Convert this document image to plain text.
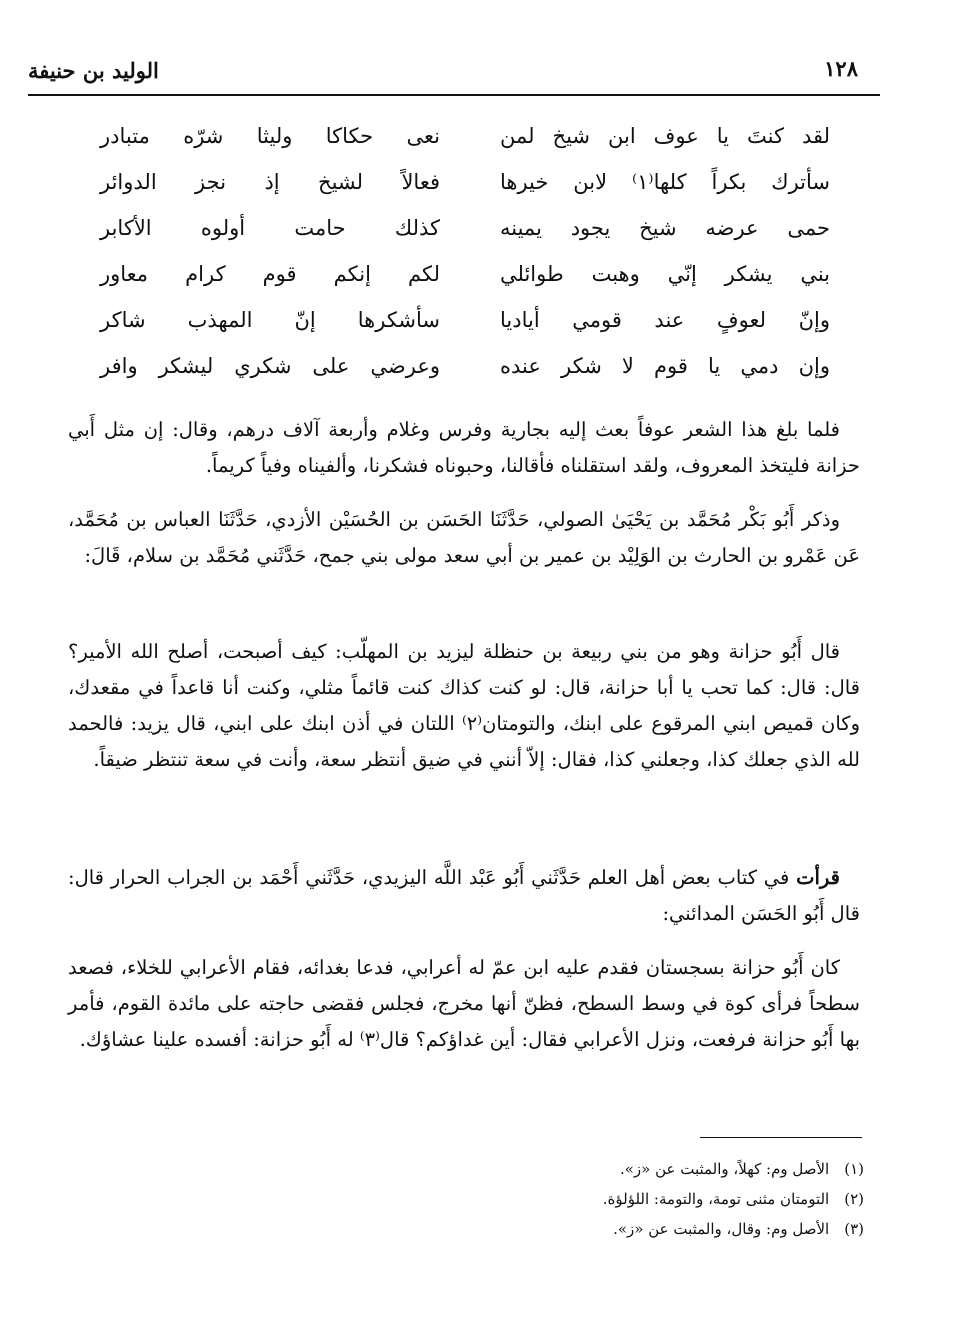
١٢٨
الوليد بن حنيفة
لقد كنتَ يا عوف ابن شيخ لمن
نعى حكاكا وليثا شرّه متبادر
سأترك بكراً كلها⁽١⁾ لابن خيرها
فعالاً لشيخ إذ نجز الدوائر
حمى عرضه شيخ يجود يمينه
كذلك حامت أولوه الأكابر
بني يشكر إنّي وهبت طوائلي
لكم إنكم قوم كرام معاور
وإنّ لعوفٍ عند قومي أياديا
سأشكرها إنّ المهذب شاكر
وإن دمي يا قوم لا شكر عنده
وعرضي على شكري ليشكر وافر

فلما بلغ هذا الشعر عوفاً بعث إليه بجارية وفرس وغلام وأربعة آلاف درهم، وقال: إن مثل أَبي حزانة فليتخذ المعروف، ولقد استقلناه فأقالنا، وحبوناه فشكرنا، وألفيناه وفياً كريماً.

وذكر أَبُو بَكْر مُحَمَّد بن يَحْيَىٰ الصولي، حَدَّثَنَا الحَسَن بن الحُسَيْن الأزدي، حَدَّثَنَا العباس بن مُحَمَّد، عَن عَمْرو بن الحارث بن الوَلِيْد بن عمير بن أبي سعد مولى بني جمح، حَدَّثَني مُحَمَّد بن سلام، قَالَ:

قال أَبُو حزانة وهو من بني ربيعة بن حنظلة ليزيد بن المهلّب: كيف أصبحت، أصلح الله الأمير؟ قال: قال: كما تحب يا أبا حزانة، قال: لو كنت كذاك كنت قائماً مثلي، وكنت أنا قاعداً في مقعدك، وكان قميص ابني المرقوع على ابنك، والتومتان⁽٢⁾ اللتان في أذن ابنك على ابني، قال يزيد: فالحمد لله الذي جعلك كذا، وجعلني كذا، فقال: إلاّ أنني في ضيق أنتظر سعة، وأنت في سعة تنتظر ضيقاً.

قرأت في كتاب بعض أهل العلم حَدَّثَني أَبُو عَبْد اللَّه اليزيدي، حَدَّثَني أَحْمَد بن الجراب الحرار قال: قال أَبُو الحَسَن المدائني:

كان أَبُو حزانة بسجستان فقدم عليه ابن عمّ له أعرابي، فدعا بغدائه، فقام الأعرابي للخلاء، فصعد سطحاً فرأى كوة في وسط السطح، فظنّ أنها مخرج، فجلس فقضى حاجته على مائدة القوم، فأمر بها أَبُو حزانة فرفعت، ونزل الأعرابي فقال: أين غداؤكم؟ قال⁽٣⁾ له أَبُو حزانة: أفسده علينا عشاؤك.

(١) الأصل وم: كهلاً، والمثبت عن «ز».
(٢) التومتان مثنى تومة، والتومة: اللؤلؤة.
(٣) الأصل وم: وقال، والمثبت عن «ز».
